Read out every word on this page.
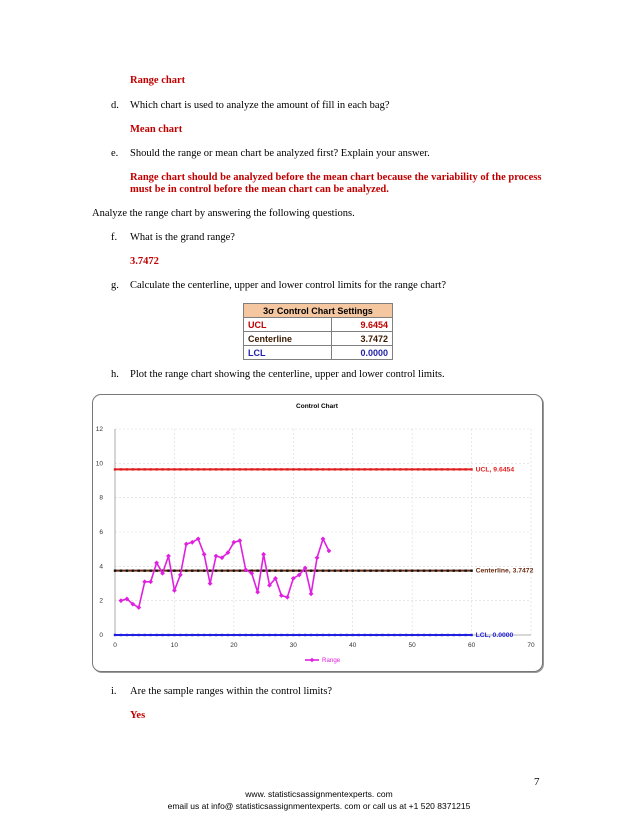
Range chart
d. Which chart is used to analyze the amount of fill in each bag?
Mean chart
e. Should the range or mean chart be analyzed first? Explain your answer.
Range chart should be analyzed before the mean chart because the variability of the process
must be in control before the mean chart can be analyzed.
Analyze the range chart by answering the following questions.
f. What is the grand range?
3.7472
g. Calculate the centerline, upper and lower control limits for the range chart?
3σ Control Chart Settings	
UCL	9.6454
Centerline	3.7472
LCL	0.0000
h. Plot the range chart showing the centerline, upper and lower control limits.
Control Chart
0	10	20	30	40	50	60	70
0
2
4
6
8
10
12
UCL, 9.6454
Centerline, 3.7472
LCL, 0.0000
Range
i. Are the sample ranges within the control limits?
Yes
7
www. statisticsassignmentexperts. com
email us at info@ statisticsassignmentexperts. com or call us at +1 520 8371215
